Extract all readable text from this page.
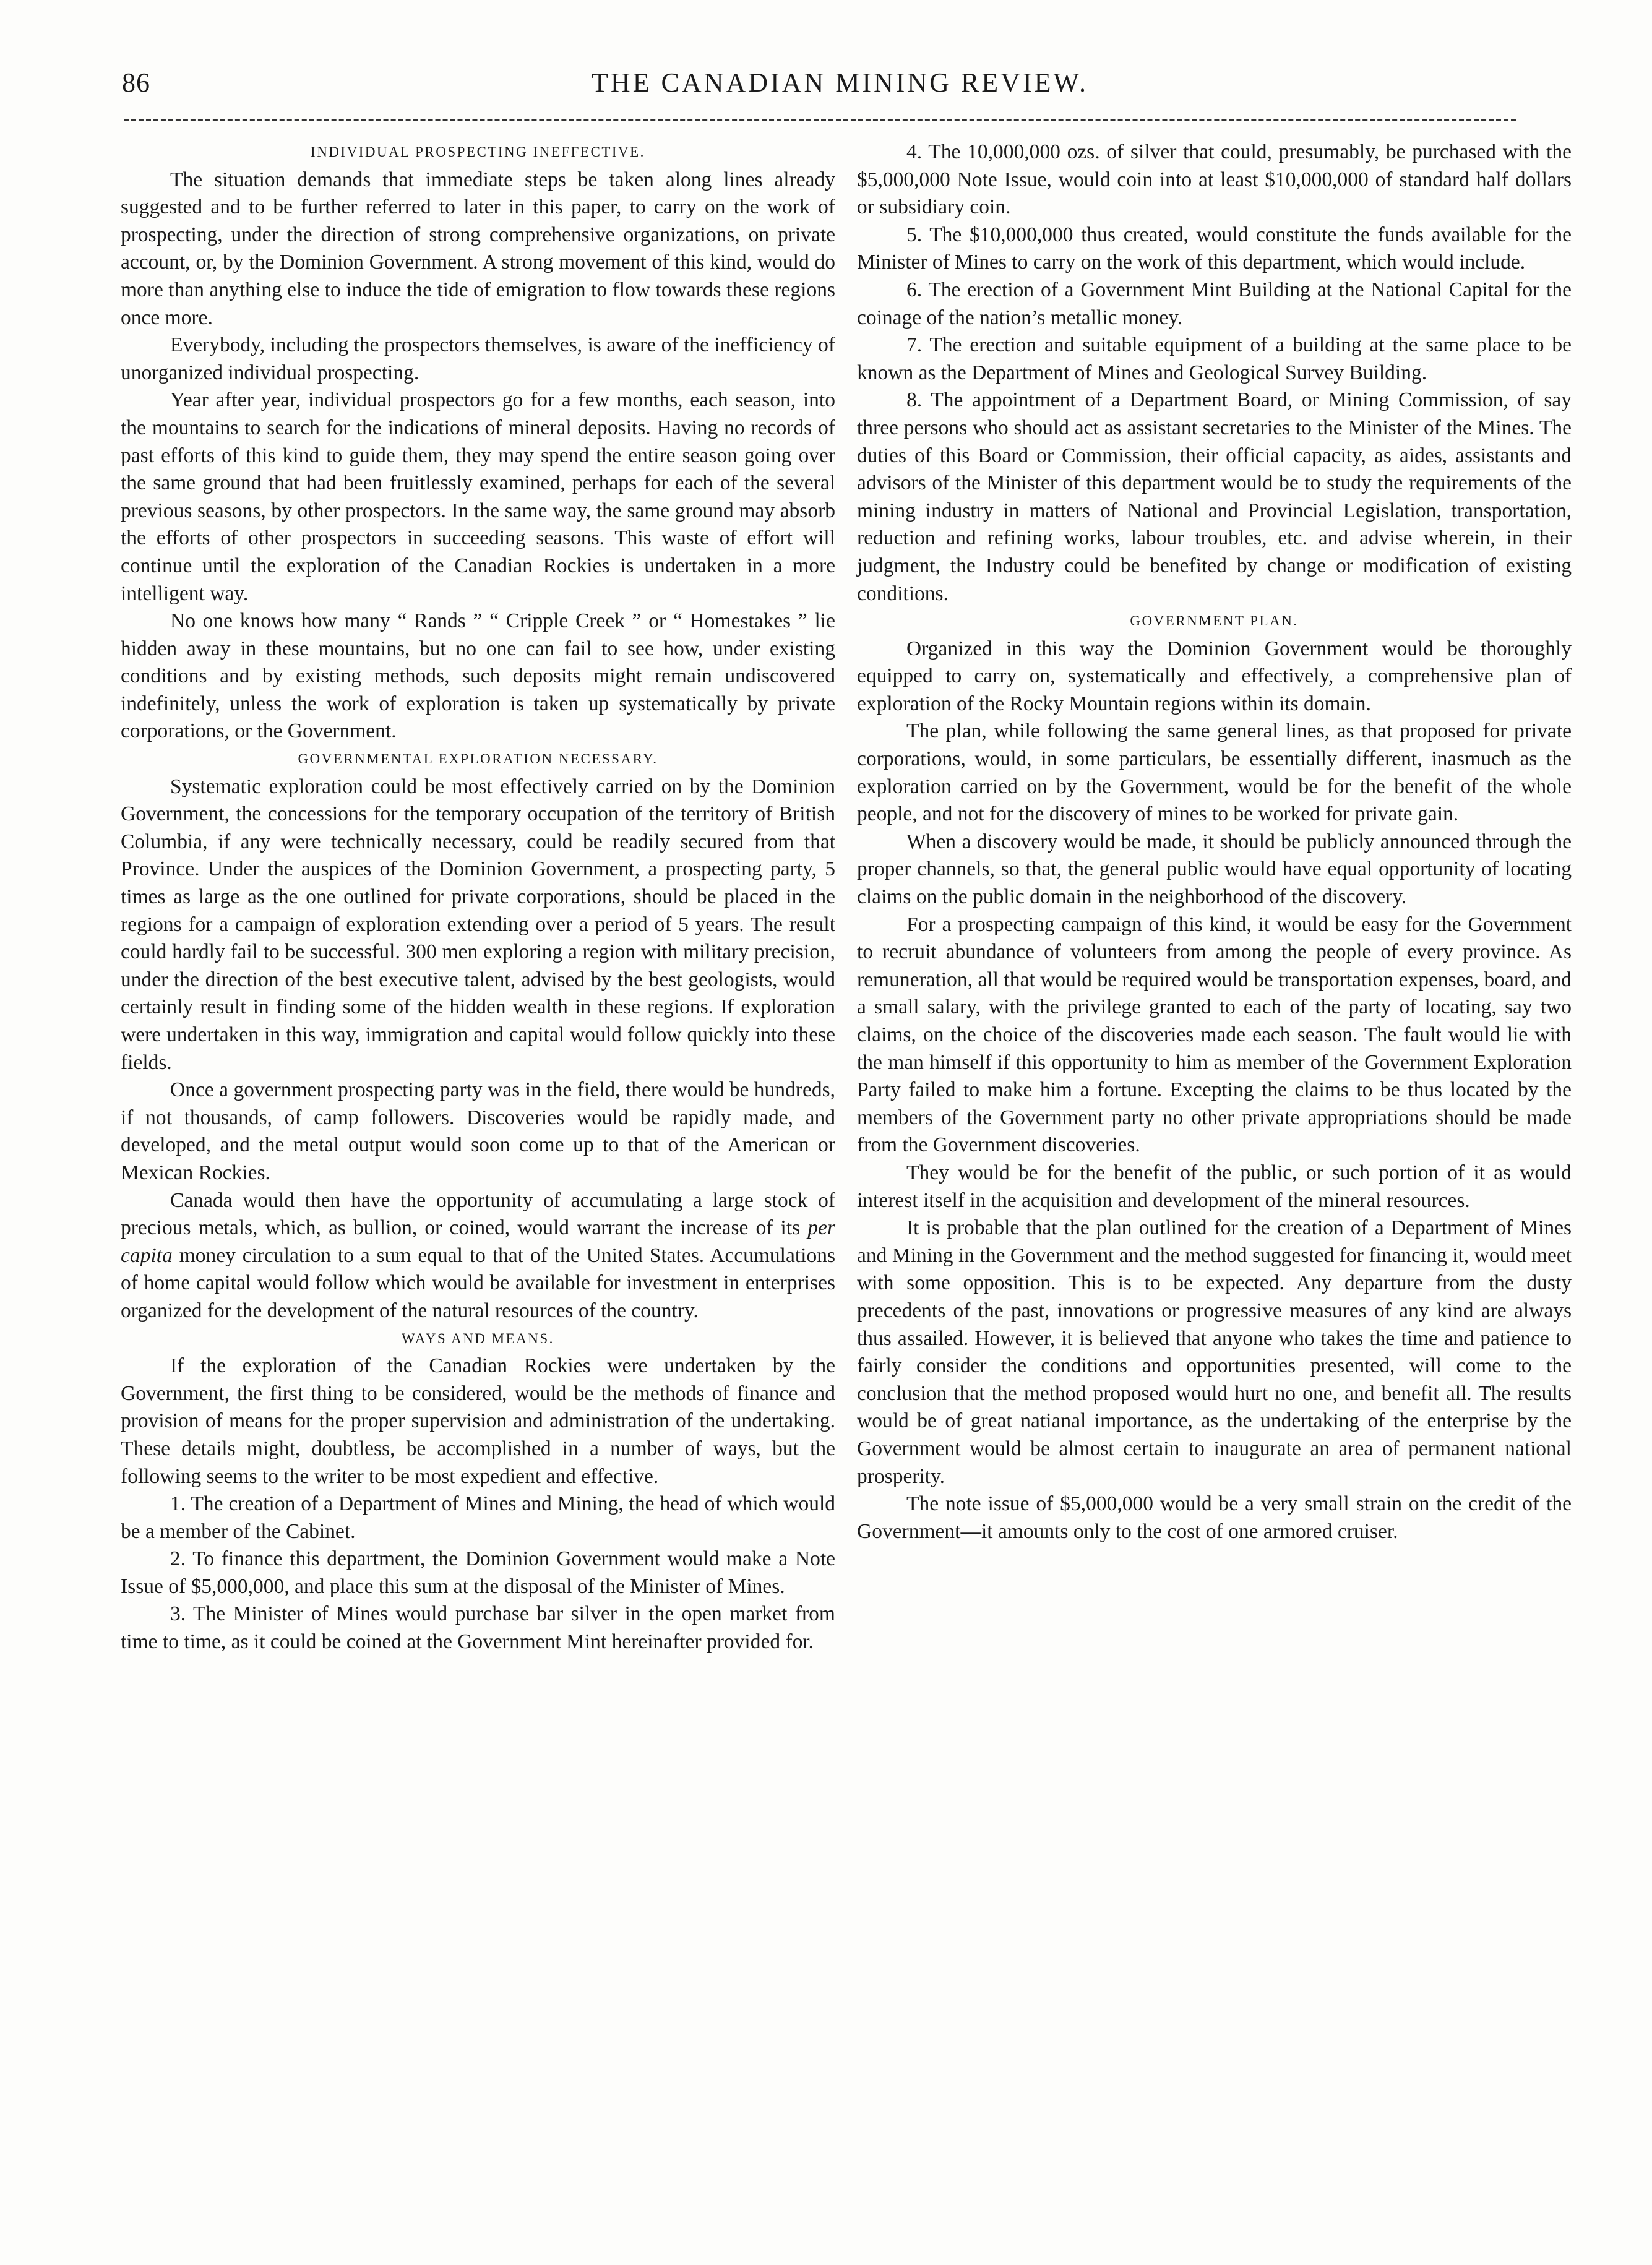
86	THE CANADIAN MINING REVIEW.
INDIVIDUAL PROSPECTING INEFFECTIVE.

The situation demands that immediate steps be taken along lines already suggested and to be further referred to later in this paper, to carry on the work of prospecting, under the direction of strong comprehensive organizations, on private account, or, by the Dominion Government. A strong movement of this kind, would do more than anything else to induce the tide of emigration to flow towards these regions once more.

Everybody, including the prospectors themselves, is aware of the inefficiency of unorganized individual prospecting.

Year after year, individual prospectors go for a few months, each season, into the mountains to search for the indications of mineral deposits. Having no records of past efforts of this kind to guide them, they may spend the entire season going over the same ground that had been fruitlessly examined, perhaps for each of the several previous seasons, by other prospectors. In the same way, the same ground may absorb the efforts of other prospectors in succeeding seasons. This waste of effort will continue until the exploration of the Canadian Rockies is undertaken in a more intelligent way.

No one knows how many “ Rands ” “ Cripple Creek ” or “ Homestakes ” lie hidden away in these mountains, but no one can fail to see how, under existing conditions and by existing methods, such deposits might remain undiscovered indefinitely, unless the work of exploration is taken up systematically by private corporations, or the Government.

GOVERNMENTAL EXPLORATION NECESSARY.

Systematic exploration could be most effectively carried on by the Dominion Government, the concessions for the temporary occupation of the territory of British Columbia, if any were technically necessary, could be readily secured from that Province. Under the auspices of the Dominion Government, a prospecting party, 5 times as large as the one outlined for private corporations, should be placed in the regions for a campaign of exploration extending over a period of 5 years. The result could hardly fail to be successful. 300 men exploring a region with military precision, under the direction of the best executive talent, advised by the best geologists, would certainly result in finding some of the hidden wealth in these regions. If exploration were undertaken in this way, immigration and capital would follow quickly into these fields.

Once a government prospecting party was in the field, there would be hundreds, if not thousands, of camp followers. Discoveries would be rapidly made, and developed, and the metal output would soon come up to that of the American or Mexican Rockies.

Canada would then have the opportunity of accumulating a large stock of precious metals, which, as bullion, or coined, would warrant the increase of its per capita money circulation to a sum equal to that of the United States. Accumulations of home capital would follow which would be available for investment in enterprises organized for the development of the natural resources of the country.

WAYS AND MEANS.

If the exploration of the Canadian Rockies were undertaken by the Government, the first thing to be considered, would be the methods of finance and provision of means for the proper supervision and administration of the undertaking. These details might, doubtless, be accomplished in a number of ways, but the following seems to the writer to be most expedient and effective.

1. The creation of a Department of Mines and Mining, the head of which would be a member of the Cabinet.

2. To finance this department, the Dominion Government would make a Note Issue of $5,000,000, and place this sum at the disposal of the Minister of Mines.

3. The Minister of Mines would purchase bar silver in the open market from time to time, as it could be coined at the Government Mint hereinafter provided for.

4. The 10,000,000 ozs. of silver that could, presumably, be purchased with the $5,000,000 Note Issue, would coin into at least $10,000,000 of standard half dollars or subsidiary coin.

5. The $10,000,000 thus created, would constitute the funds available for the Minister of Mines to carry on the work of this department, which would include.

6. The erection of a Government Mint Building at the National Capital for the coinage of the nation’s metallic money.

7. The erection and suitable equipment of a building at the same place to be known as the Department of Mines and Geological Survey Building.

8. The appointment of a Department Board, or Mining Commission, of say three persons who should act as assistant secretaries to the Minister of the Mines. The duties of this Board or Commission, their official capacity, as aides, assistants and advisors of the Minister of this department would be to study the requirements of the mining industry in matters of National and Provincial Legislation, transportation, reduction and refining works, labour troubles, etc. and advise wherein, in their judgment, the Industry could be benefited by change or modification of existing conditions.

GOVERNMENT PLAN.

Organized in this way the Dominion Government would be thoroughly equipped to carry on, systematically and effectively, a comprehensive plan of exploration of the Rocky Mountain regions within its domain.

The plan, while following the same general lines, as that proposed for private corporations, would, in some particulars, be essentially different, inasmuch as the exploration carried on by the Government, would be for the benefit of the whole people, and not for the discovery of mines to be worked for private gain.

When a discovery would be made, it should be publicly announced through the proper channels, so that, the general public would have equal opportunity of locating claims on the public domain in the neighborhood of the discovery.

For a prospecting campaign of this kind, it would be easy for the Government to recruit abundance of volunteers from among the people of every province. As remuneration, all that would be required would be transportation expenses, board, and a small salary, with the privilege granted to each of the party of locating, say two claims, on the choice of the discoveries made each season. The fault would lie with the man himself if this opportunity to him as member of the Government Exploration Party failed to make him a fortune. Excepting the claims to be thus located by the members of the Government party no other private appropriations should be made from the Government discoveries.

They would be for the benefit of the public, or such portion of it as would interest itself in the acquisition and development of the mineral resources.

It is probable that the plan outlined for the creation of a Department of Mines and Mining in the Government and the method suggested for financing it, would meet with some opposition. This is to be expected. Any departure from the dusty precedents of the past, innovations or progressive measures of any kind are always thus assailed. However, it is believed that anyone who takes the time and patience to fairly consider the conditions and opportunities presented, will come to the conclusion that the method proposed would hurt no one, and benefit all. The results would be of great natianal importance, as the undertaking of the enterprise by the Government would be almost certain to inaugurate an area of permanent national prosperity.

The note issue of $5,000,000 would be a very small strain on the credit of the Government—it amounts only to the cost of one armored cruiser.
